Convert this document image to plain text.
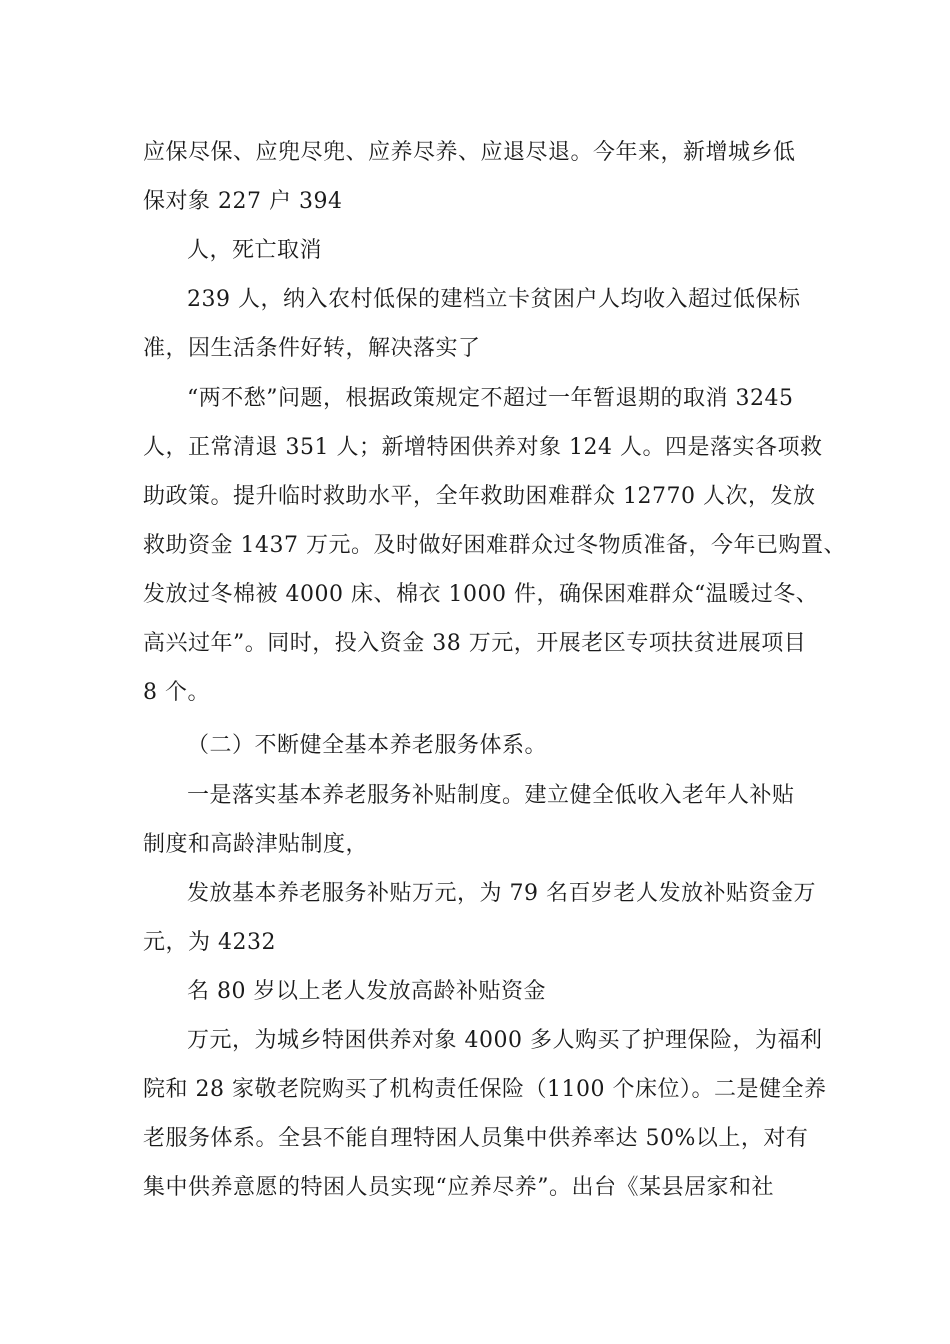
应保尽保、应兜尽兜、应养尽养、应退尽退。今年来，新增城乡低
保对象 227 户 394
人，死亡取消
239 人，纳入农村低保的建档立卡贫困户人均收入超过低保标
准，因生活条件好转，解决落实了
“两不愁”问题，根据政策规定不超过一年暂退期的取消 3245
人，正常清退 351 人；新增特困供养对象 124 人。四是落实各项救
助政策。提升临时救助水平，全年救助困难群众 12770 人次，发放
救助资金 1437 万元。及时做好困难群众过冬物质准备，今年已购置、
发放过冬棉被 4000 床、棉衣 1000 件，确保困难群众“温暖过冬、
高兴过年”。同时，投入资金 38 万元，开展老区专项扶贫进展项目
8 个。
（二）不断健全基本养老服务体系。
一是落实基本养老服务补贴制度。建立健全低收入老年人补贴
制度和高龄津贴制度，
发放基本养老服务补贴万元，为 79 名百岁老人发放补贴资金万
元，为 4232
名 80 岁以上老人发放高龄补贴资金
万元，为城乡特困供养对象 4000 多人购买了护理保险，为福利
院和 28 家敬老院购买了机构责任保险（1100 个床位）。二是健全养
老服务体系。全县不能自理特困人员集中供养率达 50%以上，对有
集中供养意愿的特困人员实现“应养尽养”。出台《某县居家和社
